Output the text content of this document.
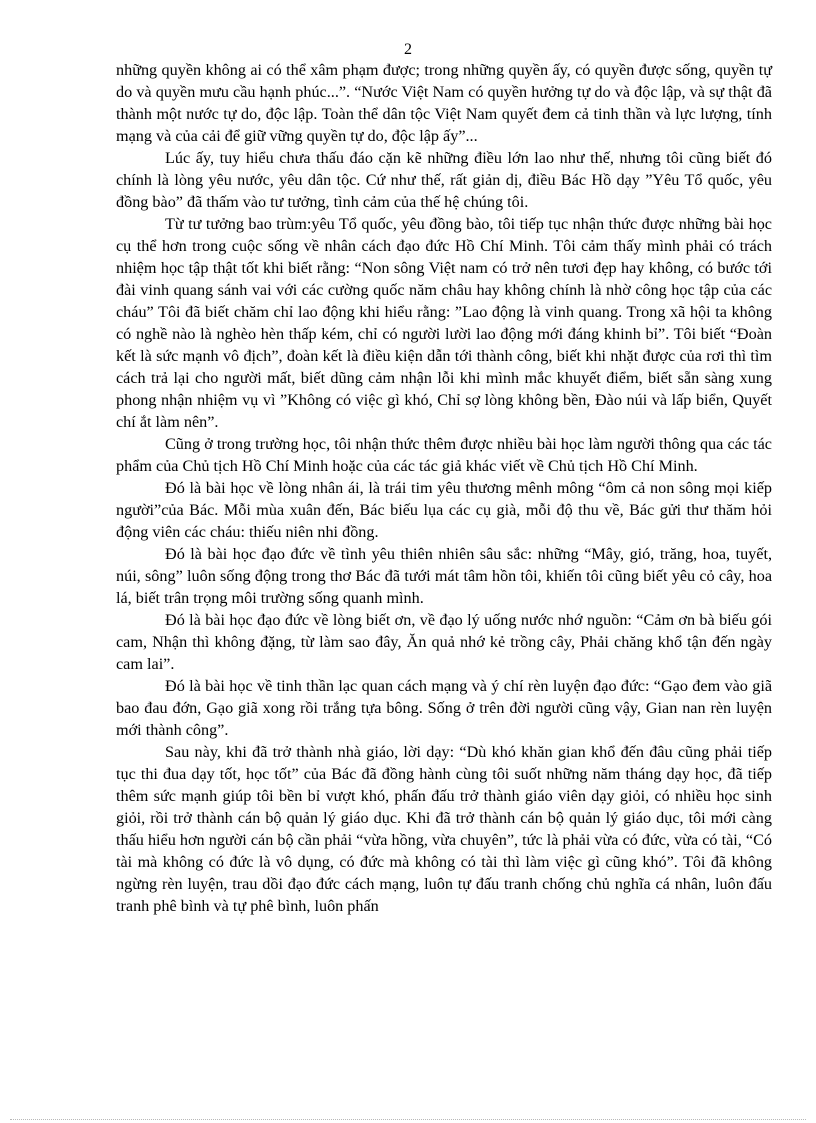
2

những quyền không ai có thể xâm phạm được; trong những quyền ấy, có quyền được sống, quyền tự do và quyền mưu cầu hạnh phúc...”. “Nước Việt Nam có quyền hưởng tự do và độc lập, và sự thật đã thành một nước tự do, độc lập. Toàn thể dân tộc Việt Nam quyết đem cả tinh thần và lực lượng, tính mạng và của cải để giữ vững quyền tự do, độc lập ấy”...

Lúc ấy, tuy hiểu chưa thấu đáo cặn kẽ những điều lớn lao như thế, nhưng tôi cũng biết đó chính là lòng yêu nước, yêu dân tộc. Cứ như thế, rất giản dị, điều Bác Hồ dạy ”Yêu Tổ quốc, yêu đồng bào” đã thấm vào tư tưởng, tình cảm của thế hệ chúng tôi.

Từ tư tưởng bao trùm:yêu Tổ quốc, yêu đồng bào, tôi tiếp tục nhận thức được những bài học cụ thể hơn trong cuộc sống về nhân cách đạo đức Hồ Chí Minh. Tôi cảm thấy mình phải có trách nhiệm học tập thật tốt khi biết rằng: “Non sông Việt nam có trở nên tươi đẹp hay không, có bước tới đài vinh quang sánh vai với các cường quốc năm châu hay không chính là nhờ công học tập của các cháu” Tôi đã biết chăm chỉ lao động khi hiểu rằng: ”Lao động là vinh quang. Trong xã hội ta không có nghề nào là nghèo hèn thấp kém, chỉ có người lười lao động mới đáng khinh bỉ”. Tôi biết “Đoàn kết là sức mạnh vô địch”, đoàn kết là điều kiện dẫn tới thành công, biết khi nhặt được của rơi thì tìm cách trả lại cho người mất, biết dũng cảm nhận lỗi khi mình mắc khuyết điểm, biết sẵn sàng xung phong nhận nhiệm vụ vì ”Không có việc gì khó, Chỉ sợ lòng không bền, Đào núi và lấp biển, Quyết chí ắt làm nên”.

Cũng ở trong trường học, tôi nhận thức thêm được nhiều bài học làm người thông qua các tác phẩm của Chủ tịch Hồ Chí Minh hoặc của các tác giả khác viết về Chủ tịch Hồ Chí Minh.

Đó là bài học về lòng nhân ái, là trái tim yêu thương mênh mông “ôm cả non sông mọi kiếp người”của Bác. Mỗi mùa xuân đến, Bác biếu lụa các cụ già, mỗi độ thu về, Bác gửi thư thăm hỏi động viên các cháu: thiếu niên nhi đồng.

Đó là bài học đạo đức về tình yêu thiên nhiên sâu sắc: những “Mây, gió, trăng, hoa, tuyết, núi, sông” luôn sống động trong thơ Bác đã tưới mát tâm hồn tôi, khiến tôi cũng biết yêu cỏ cây, hoa lá, biết trân trọng môi trường sống quanh mình.

Đó là bài học đạo đức về lòng biết ơn, về đạo lý uống nước nhớ nguồn: “Cảm ơn bà biếu gói cam, Nhận thì không đặng, từ làm sao đây, Ăn quả nhớ kẻ trồng cây, Phải chăng khổ tận đến ngày cam lai”.

Đó là bài học về tinh thần lạc quan cách mạng và ý chí rèn luyện đạo đức: “Gạo đem vào giã bao đau đớn, Gạo giã xong rồi trắng tựa bông. Sống ở trên đời người cũng vậy, Gian nan rèn luyện mới thành công”.

Sau này, khi đã trở thành nhà giáo, lời dạy: “Dù khó khăn gian khổ đến đâu cũng phải tiếp tục thi đua dạy tốt, học tốt” của Bác đã đồng hành cùng tôi suốt những năm tháng dạy học, đã tiếp thêm sức mạnh giúp tôi bền bỉ vượt khó, phấn đấu trở thành giáo viên dạy giỏi, có nhiều học sinh giỏi, rồi trở thành cán bộ quản lý giáo dục. Khi đã trở thành cán bộ quản lý giáo dục, tôi mới càng thấu hiểu hơn người cán bộ cần phải “vừa hồng, vừa chuyên”, tức là phải vừa có đức, vừa có tài, “Có tài mà không có đức là vô dụng, có đức mà không có tài thì làm việc gì cũng khó”. Tôi đã không ngừng rèn luyện, trau dồi đạo đức cách mạng, luôn tự đấu tranh chống chủ nghĩa cá nhân, luôn đấu tranh phê bình và tự phê bình, luôn phấn
